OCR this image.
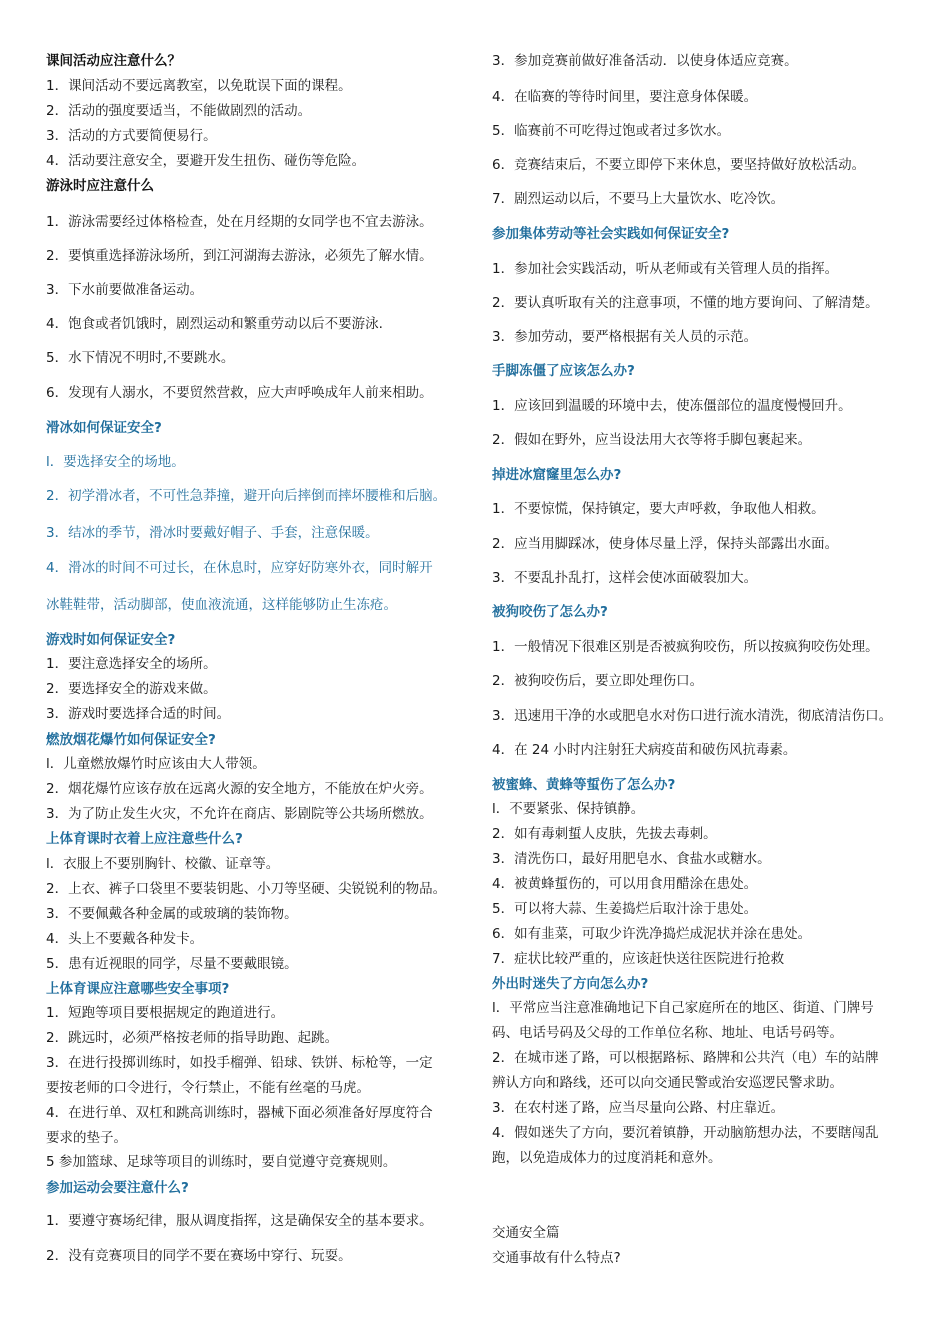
课间活动应注意什么？
1．课间活动不要远离教室，以免耽误下面的课程。
2．活动的强度要适当，不能做剧烈的活动。
3．活动的方式要简便易行。
4．活动要注意安全，要避开发生扭伤、碰伤等危险。
游泳时应注意什么
1．游泳需要经过体格检查，处在月经期的女同学也不宜去游泳。
2．要慎重选择游泳场所，到江河湖海去游泳，必须先了解水情。
3．下水前要做准备运动。
4．饱食或者饥饿时，剧烈运动和繁重劳动以后不要游泳.
5．水下情况不明时,不要跳水。
6．发现有人溺水，不要贸然营救，应大声呼唤成年人前来相助。
滑冰如何保证安全?
l．要选择安全的场地。
2．初学滑冰者，不可性急莽撞，避开向后摔倒而摔坏腰椎和后脑。
3．结冰的季节，滑冰时要戴好帽子、手套，注意保暖。
4．滑冰的时间不可过长，在休息时，应穿好防寒外衣，同时解开
冰鞋鞋带，活动脚部，使血液流通，这样能够防止生冻疮。
游戏时如何保证安全?
1．要注意选择安全的场所。
2．要选择安全的游戏来做。
3．游戏时要选择合适的时间。
燃放烟花爆竹如何保证安全?
l．儿童燃放爆竹时应该由大人带领。
2．烟花爆竹应该存放在远离火源的安全地方，不能放在炉火旁。
3．为了防止发生火灾，不允许在商店、影剧院等公共场所燃放。
上体育课时衣着上应注意些什么?
l．衣服上不要别胸针、校徽、证章等。
2．上衣、裤子口袋里不要装钥匙、小刀等坚硬、尖锐锐利的物品。
3．不要佩戴各种金属的或玻璃的装饰物。
4．头上不要戴各种发卡。
5．患有近视眼的同学，尽量不要戴眼镜。
上体育课应注意哪些安全事项?
1．短跑等项目要根据规定的跑道进行。
2．跳远时，必须严格按老师的指导助跑、起跳。
3．在进行投掷训练时，如投手榴弹、铅球、铁饼、标枪等，一定
要按老师的口令进行，令行禁止，不能有丝毫的马虎。
4．在进行单、双杠和跳高训练时，器械下面必须准备好厚度符合
要求的垫子。
5 参加篮球、足球等项目的训练时，要自觉遵守竞赛规则。
参加运动会要注意什么?
1．要遵守赛场纪律，服从调度指挥，这是确保安全的基本要求。
2．没有竞赛项目的同学不要在赛场中穿行、玩耍。
3．参加竞赛前做好准备活动．以使身体适应竞赛。
4．在临赛的等待时间里，要注意身体保暖。
5．临赛前不可吃得过饱或者过多饮水。
6．竞赛结束后，不要立即停下来休息，要坚持做好放松活动。
7．剧烈运动以后，不要马上大量饮水、吃冷饮。
参加集体劳动等社会实践如何保证安全?
1．参加社会实践活动，听从老师或有关管理人员的指挥。
2．要认真听取有关的注意事项，不懂的地方要询问、了解清楚。
3．参加劳动，要严格根据有关人员的示范。
手脚冻僵了应该怎么办?
1．应该回到温暖的环境中去，使冻僵部位的温度慢慢回升。
2．假如在野外，应当设法用大衣等将手脚包裹起来。
掉进冰窟窿里怎么办?
1．不要惊慌，保持镇定，要大声呼救，争取他人相救。
2．应当用脚踩冰，使身体尽量上浮，保持头部露出水面。
3．不要乱扑乱打，这样会使冰面破裂加大。
被狗咬伤了怎么办?
1．一般情况下很难区别是否被疯狗咬伤，所以按疯狗咬伤处理。
2．被狗咬伤后，要立即处理伤口。
3．迅速用干净的水或肥皂水对伤口进行流水清洗，彻底清洁伤口。
4．在 24 小时内注射狂犬病疫苗和破伤风抗毒素。
被蜜蜂、黄蜂等蜇伤了怎么办?
l．不要紧张、保持镇静。
2．如有毒刺蜇人皮肤，先拔去毒刺。
3．清洗伤口，最好用肥皂水、食盐水或糖水。
4．被黄蜂蜇伤的，可以用食用醋涂在患处。
5．可以将大蒜、生姜捣烂后取汁涂于患处。
6．如有韭菜，可取少许洗净捣烂成泥状并涂在患处。
7．症状比较严重的，应该赶快送往医院进行抢救
外出时迷失了方向怎么办?
l．平常应当注意准确地记下自己家庭所在的地区、街道、门牌号
码、电话号码及父母的工作单位名称、地址、电话号码等。
2．在城市迷了路，可以根据路标、路牌和公共汽（电）车的站牌
辨认方向和路线，还可以向交通民警或治安巡逻民警求助。
3．在农村迷了路，应当尽量向公路、村庄靠近。
4．假如迷失了方向，要沉着镇静，开动脑筋想办法，不要瞎闯乱
跑，以免造成体力的过度消耗和意外。
交通安全篇
交通事故有什么特点?
